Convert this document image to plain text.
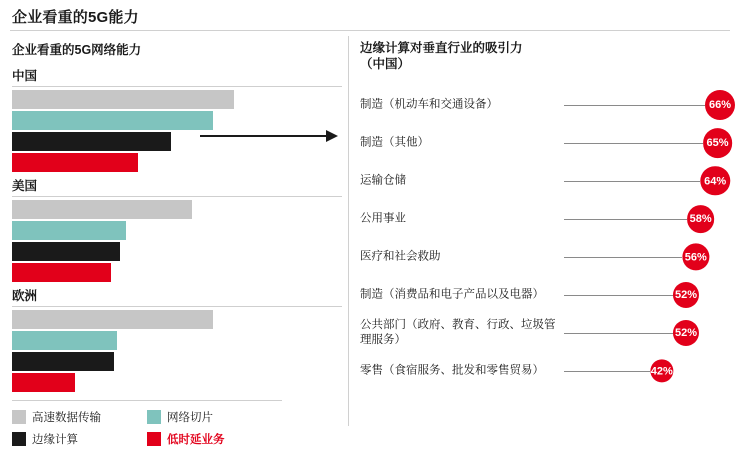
企业看重的5G能力
企业看重的5G网络能力
中国
74%
67%
53%
42%
美国
60%
38%
36%
33%
欧洲
67%
35%
34%
21%
高速数据传输	网络切片
边缘计算	低时延业务
边缘计算对垂直行业的吸引力
（中国）
制造（机动车和交通设备）	66%
制造（其他）	65%
运输仓储	64%
公用事业	58%
医疗和社会救助	56%
制造（消费品和电子产品以及电器）	52%
公共部门（政府、教育、行政、垃圾管理服务）
52%
零售（食宿服务、批发和零售贸易）	42%
